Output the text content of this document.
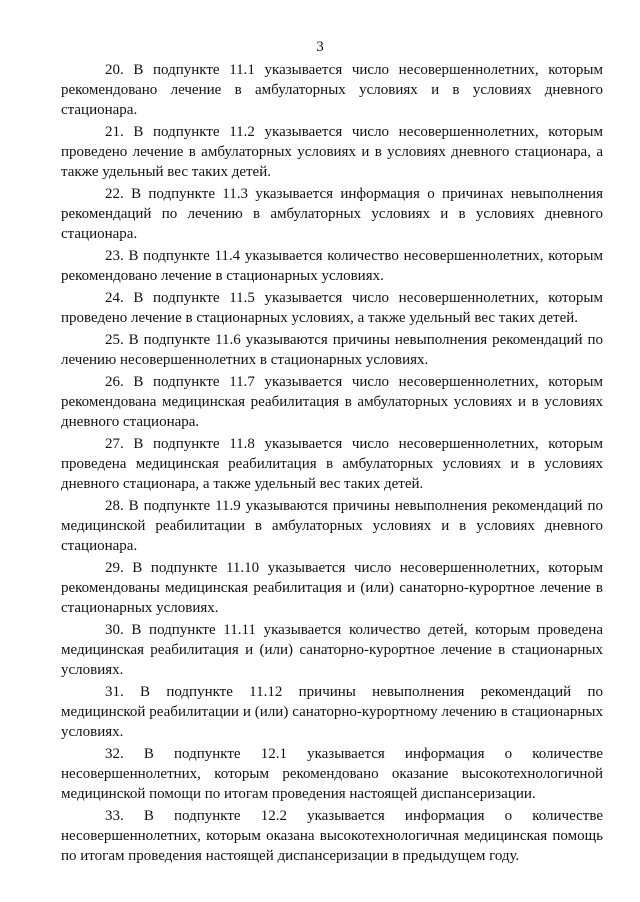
3

20. В подпункте 11.1 указывается число несовершеннолетних, которым рекомендовано лечение в амбулаторных условиях и в условиях дневного стационара.

21. В подпункте 11.2 указывается число несовершеннолетних, которым проведено лечение в амбулаторных условиях и в условиях дневного стационара, а также удельный вес таких детей.

22. В подпункте 11.3 указывается информация о причинах невыполнения рекомендаций по лечению в амбулаторных условиях и в условиях дневного стационара.

23. В подпункте 11.4 указывается количество несовершеннолетних, которым рекомендовано лечение в стационарных условиях.

24. В подпункте 11.5 указывается число несовершеннолетних, которым проведено лечение в стационарных условиях, а также удельный вес таких детей.

25. В подпункте 11.6 указываются причины невыполнения рекомендаций по лечению несовершеннолетних в стационарных условиях.

26. В подпункте 11.7 указывается число несовершеннолетних, которым рекомендована медицинская реабилитация в амбулаторных условиях и в условиях дневного стационара.

27. В подпункте 11.8 указывается число несовершеннолетних, которым проведена медицинская реабилитация в амбулаторных условиях и в условиях дневного стационара, а также удельный вес таких детей.

28. В подпункте 11.9 указываются причины невыполнения рекомендаций по медицинской реабилитации в амбулаторных условиях и в условиях дневного стационара.

29. В подпункте 11.10 указывается число несовершеннолетних, которым рекомендованы медицинская реабилитация и (или) санаторно-курортное лечение в стационарных условиях.

30. В подпункте 11.11 указывается количество детей, которым проведена медицинская реабилитация и (или) санаторно-курортное лечение в стационарных условиях.

31. В подпункте 11.12 причины невыполнения рекомендаций по медицинской реабилитации и (или) санаторно-курортному лечению в стационарных условиях.

32. В подпункте 12.1 указывается информация о количестве несовершеннолетних, которым рекомендовано оказание высокотехнологичной медицинской помощи по итогам проведения настоящей диспансеризации.

33. В подпункте 12.2 указывается информация о количестве несовершеннолетних, которым оказана высокотехнологичная медицинская помощь по итогам проведения настоящей диспансеризации в предыдущем году.
